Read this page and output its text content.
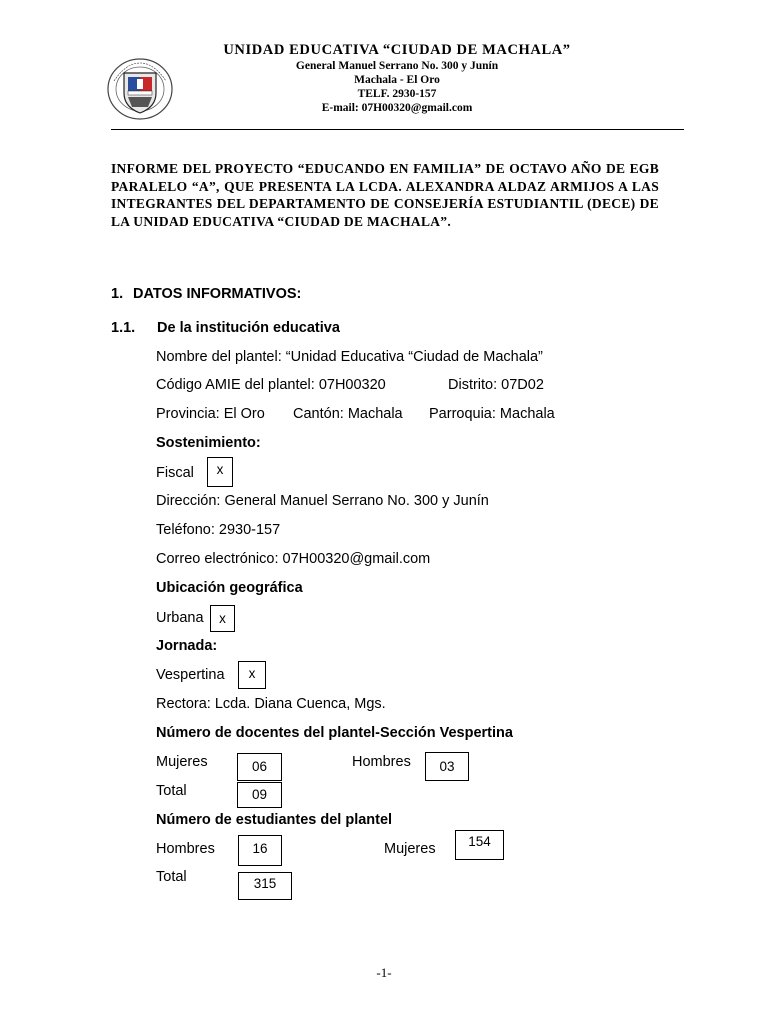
UNIDAD EDUCATIVA “CIUDAD DE MACHALA”
General Manuel Serrano No. 300 y Junín
Machala - El Oro
TELF. 2930-157
E-mail: 07H00320@gmail.com
INFORME DEL PROYECTO “EDUCANDO EN FAMILIA” DE OCTAVO AÑO DE EGB PARALELO “A”, QUE PRESENTA LA LCDA. ALEXANDRA ALDAZ ARMIJOS A LAS INTEGRANTES DEL DEPARTAMENTO DE CONSEJERÍA ESTUDIANTIL (DECE) DE LA UNIDAD EDUCATIVA “CIUDAD DE MACHALA”.
1. DATOS INFORMATIVOS:
1.1. De la institución educativa
Nombre del plantel: “Unidad Educativa “Ciudad de Machala”
Código AMIE del plantel: 07H00320	Distrito: 07D02
Provincia: El Oro Cantón: Machala Parroquia: Machala
Sostenimiento:
Fiscal	x
Dirección: General Manuel Serrano No. 300 y Junín
Teléfono: 2930-157
Correo electrónico: 07H00320@gmail.com
Ubicación geográfica
Urbana	x
Jornada:
Vespertina	x
Rectora: Lcda. Diana Cuenca, Mgs.
Número de docentes del plantel-Sección Vespertina
Mujeres	06	Hombres	03
Total	09
Número de estudiantes del plantel
Hombres	16	Mujeres	154
Total	315
-1-
